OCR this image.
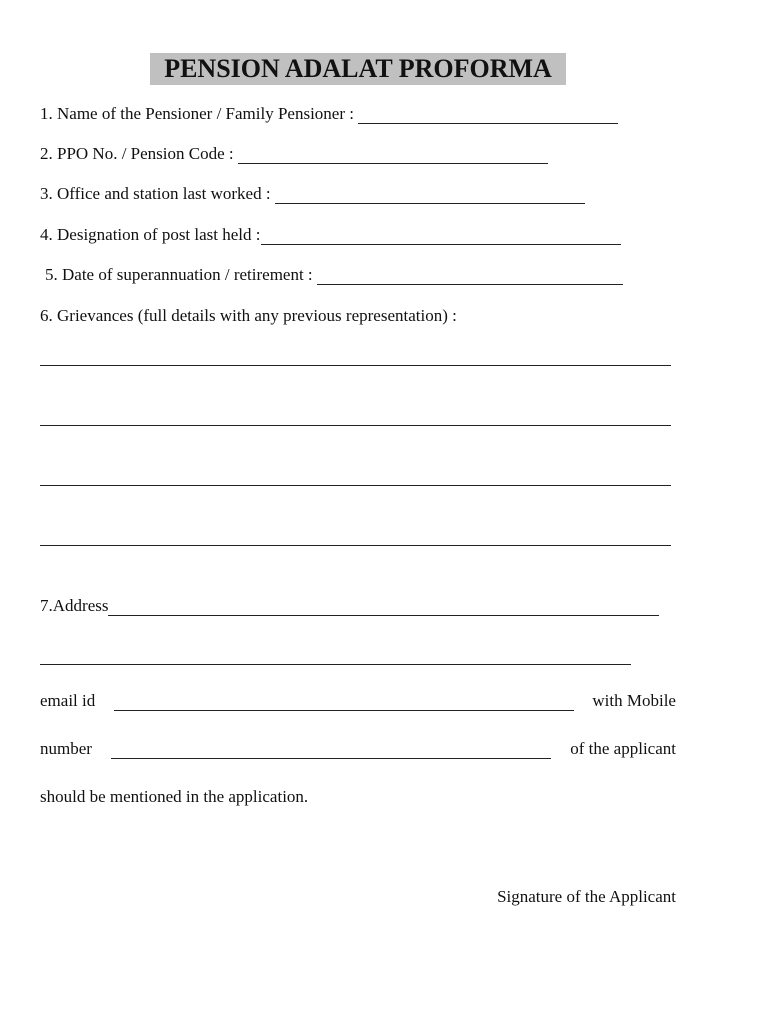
PENSION ADALAT PROFORMA
1. Name of the Pensioner / Family Pensioner :
2. PPO No. / Pension Code :
3. Office and station last worked :
4. Designation of post last held :
5. Date of superannuation / retirement :
6. Grievances (full details with any previous representation) :
7.Address
email id	with Mobile
number	of the applicant
should be mentioned in the application.
Signature of the Applicant
